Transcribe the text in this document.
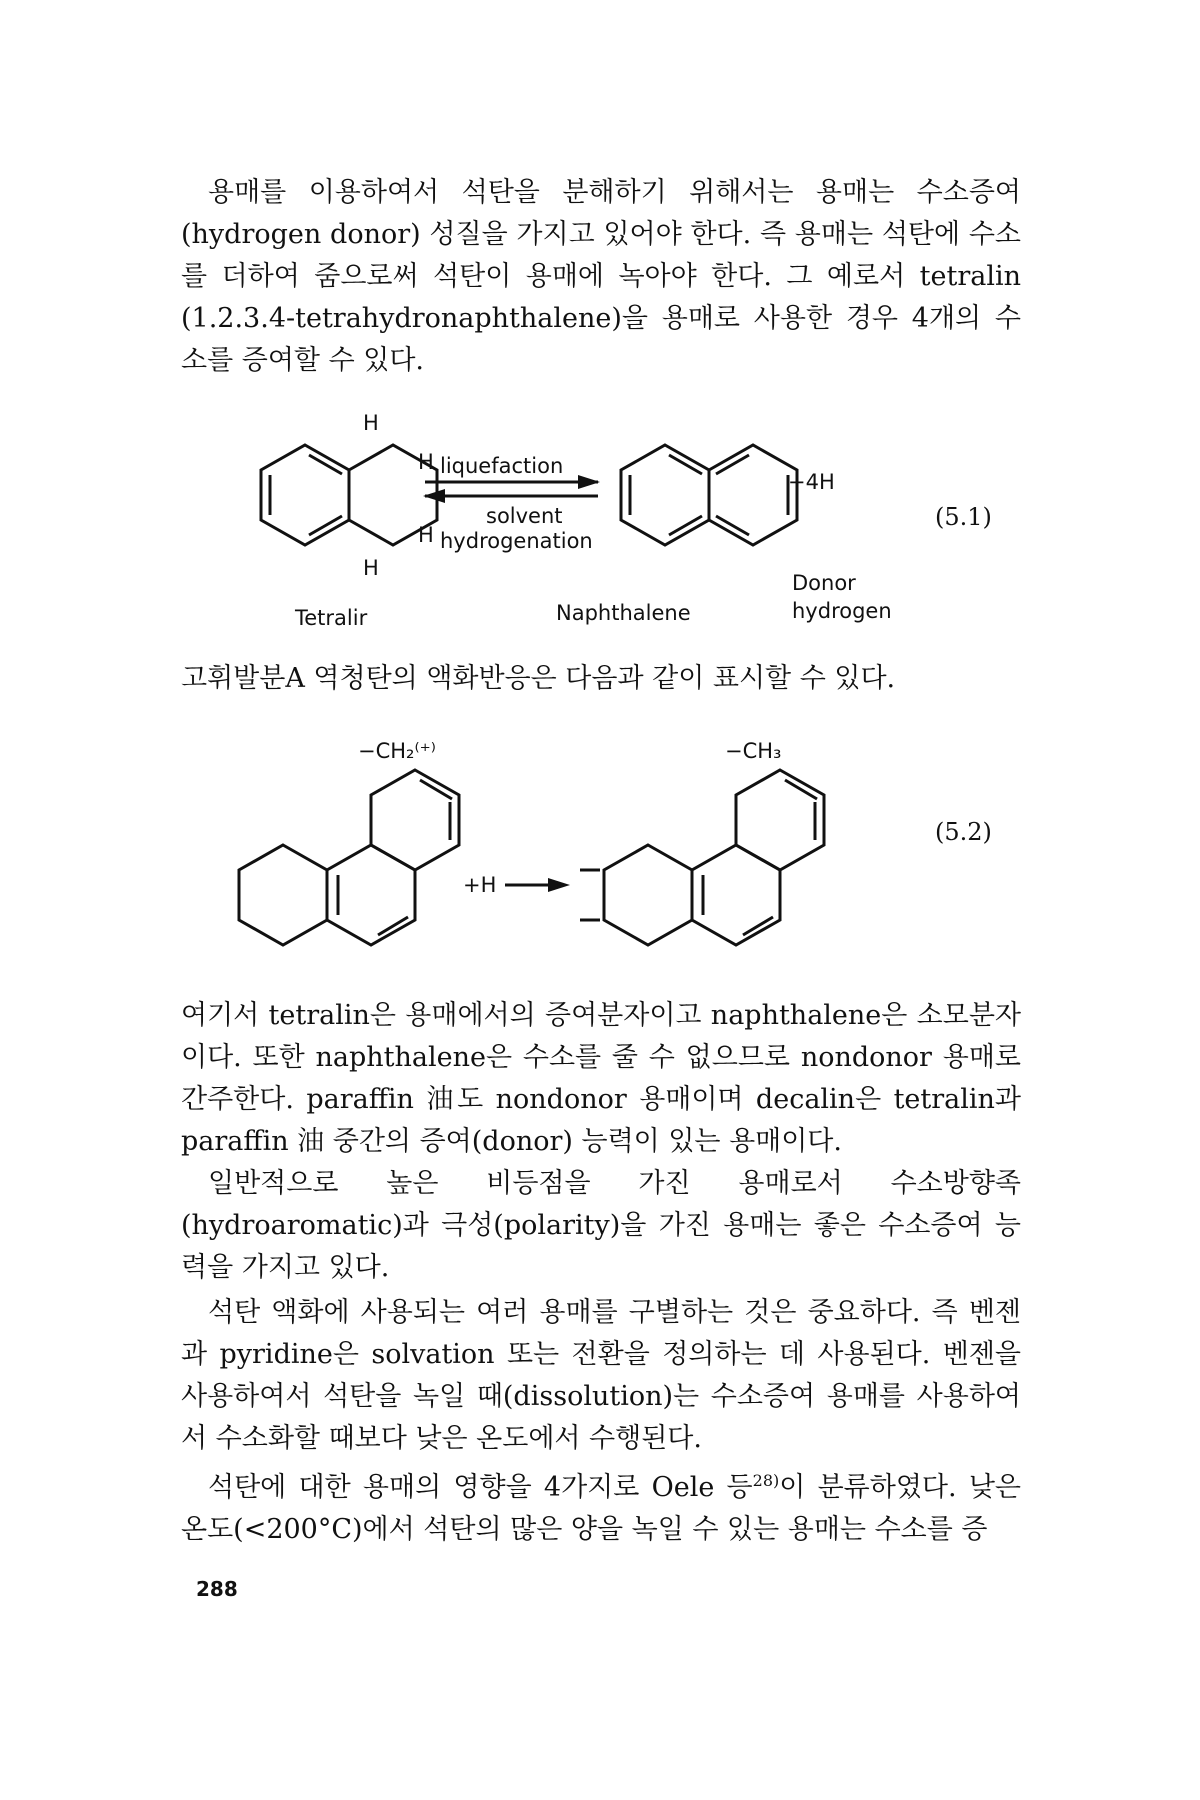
용매를 이용하여서 석탄을 분해하기 위해서는 용매는 수소증여(hydrogen donor) 성질을 가지고 있어야 한다. 즉 용매는 석탄에 수소를 더하여 줌으로써 석탄이 용매에 녹아야 한다. 그 예로서 tetralin (1.2.3.4-tetrahydronaphthalene)을 용매로 사용한 경우 4개의 수소를 증여할 수 있다.

H
H
H
H
liquefaction
solvent
hydrogenation
+4H
Tetralir	Naphthalene
Donor
hydrogen
(5.1)

고휘발분A 역청탄의 액화반응은 다음과 같이 표시할 수 있다.

−CH₂⁽⁺⁾	−CH₃
+H
(5.2)

여기서 tetralin은 용매에서의 증여분자이고 naphthalene은 소모분자이다. 또한 naphthalene은 수소를 줄 수 없으므로 nondonor 용매로 간주한다. paraffin 油도 nondonor 용매이며 decalin은 tetralin과 paraffin 油 중간의 증여(donor) 능력이 있는 용매이다.

일반적으로 높은 비등점을 가진 용매로서 수소방향족(hydroaromatic)과 극성(polarity)을 가진 용매는 좋은 수소증여 능력을 가지고 있다.

석탄 액화에 사용되는 여러 용매를 구별하는 것은 중요하다. 즉 벤젠과 pyridine은 solvation 또는 전환을 정의하는 데 사용된다. 벤젠을 사용하여서 석탄을 녹일 때(dissolution)는 수소증여 용매를 사용하여서 수소화할 때보다 낮은 온도에서 수행된다.

석탄에 대한 용매의 영향을 4가지로 Oele 등$^{28)}$이 분류하였다. 낮은 온도(<200°C)에서 석탄의 많은 양을 녹일 수 있는 용매는 수소를 증

288
